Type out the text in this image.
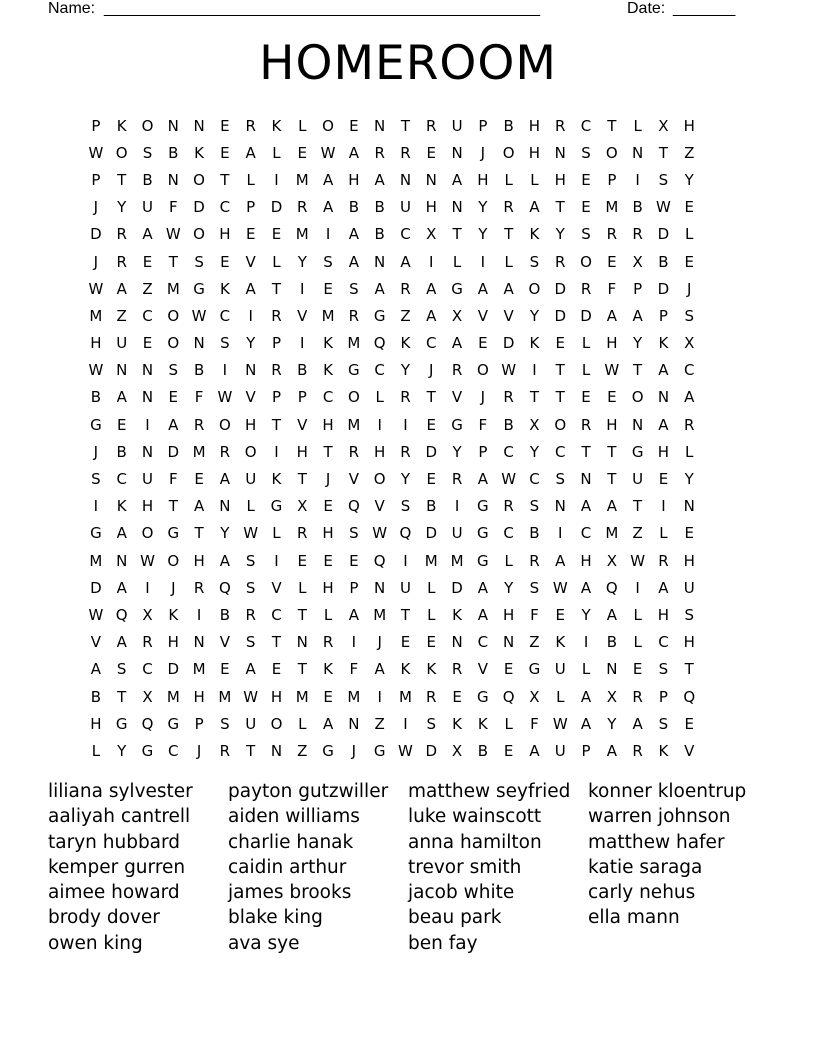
Name: _________________________________________________	Date: _______
HOMEROOM
P	K O N N	E	R	K	L	O	E	N	T	R	U	P	B	H R	C	T	L	X	H
W O	S	B	K	E	A	L	E W A	R	R	E	N	J	O H N	S	O N	T	Z
P	T	B	N O	T	L	I	M A	H	A	N N	A	H	L	L	H	E	P	I	S	Y
J	Y	U	F	D C	P	D R	A	B	B	U H N	Y	R	A	T	E M B W E
D R	A W O H	E	E M	I	A	B	C	X	T	Y	T	K	Y	S	R	R D	L
J	R	E	T	S	E	V	L	Y	S	A	N	A	I	L	I	L	S	R O	E	X	B	E
W A	Z M G	K	A	T	I	E	S	A	R	A G A	A O D R	F	P	D	J
M Z	C O W C	I	R	V M R G Z	A	X	V	V	Y	D D A	A	P	S
H U	E	O N	S	Y	P	I	K M Q K	C	A	E	D	K	E	L	H	Y	K	X
W N N	S	B	I	N R	B	K	G C	Y	J	R O W	I	T	L W T	A	C
B	A	N	E	F W V	P	P	C O	L	R	T	V	J	R	T	T	E	E	O N	A
G	E	I	A	R O H	T	V	H M	I	I	E	G	F	B	X O R H N	A	R
J	B	N D M R O	I	H	T	R H R D	Y	P	C	Y	C	T	T	G H	L
S	C	U	F	E	A	U	K	T	J	V O	Y	E	R	A W C	S	N	T	U	E	Y
I	K	H	T	A	N	L	G X	E	Q V	S	B	I	G R	S	N	A	A	T	I	N
G A O G	T	Y W L	R H	S W Q D U G C	B	I	C M Z	L	E
M N W O H	A	S	I	E	E	E	Q	I	M M G	L	R	A	H	X W R H
D A	I	J	R Q	S	V	L	H	P	N U	L	D A	Y	S W A Q	I	A	U
W Q X	K	I	B	R	C	T	L	A M T	L	K	A	H	F	E	Y	A	L	H	S
V	A	R H N	V	S	T	N R	I	J	E	E	N C N	Z	K	I	B	L	C H
A	S	C D M E	A	E	T	K	F	A	K	K	R	V	E	G U	L	N	E	S	T
B	T	X M H M W H M E M	I	M R	E	G Q X	L	A	X	R	P	Q
H G Q G	P	S	U O	L	A	N	Z	I	S	K	K	L	F W A	Y	A	S	E
L	Y	G C	J	R	T	N	Z G	J	G W D X	B	E	A	U	P	A	R	K	V
liliana sylvester
aaliyah cantrell
taryn hubbard
kemper gurren
aimee howard
brody dover
owen king
payton gutzwiller
aiden williams
charlie hanak
caidin arthur
james brooks
blake king
ava sye
matthew seyfried
luke wainscott
anna hamilton
trevor smith
jacob white
beau park
ben fay
konner kloentrup
warren johnson
matthew hafer
katie saraga
carly nehus
ella mann
